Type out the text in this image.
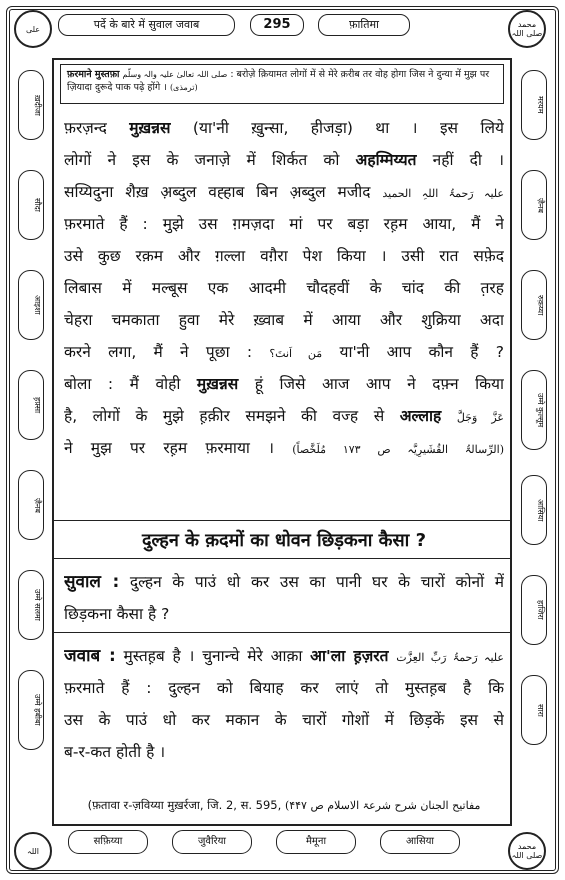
पर्दे के बारे में सुवाल जवाब	295	फ़ातिमा
علی	محمد صلی اللہ
اللہ	محمد صلی اللہ
ख़दीजा
सौदा
आइशा
ह़फ़्सा
ज़ैनब
उम्मे सलमा
उम्मे हबीबा
मरयम
ज़ैनब
रुक़य्या
उम्मे कुल्सूम
आसिया
हाजिरा
सारा
सफ़िय्या	जुवैरिया	मैमूना	आसिया
फ़रमाने मुस्तफ़ा صلی اللہ تعالیٰ علیہ والہ وسلّم : बरोज़े क़ियामत लोगों में से मेरे क़रीब तर वोह होगा जिस ने दुन्या में मुझ पर ज़ियादा दुरूदे पाक पढ़े होंगे । (ترمذی)
फ़रज़न्द मुख़न्नस (या'नी ख़ुन्सा, हीजड़ा) था । इस लिये
लोगों ने इस के जनाज़े में शिर्कत को अहम्मिय्यत नहीं दी ।
सय्यिदुना शैख़ अ़ब्दुल वह्हाब बिन अ़ब्दुल मजीद علیہ رَحمۃُ اللہِ الحمید
फ़रमाते हैं : मुझे उस ग़मज़दा मां पर बड़ा रह़म आया, मैं ने
उसे कुछ रक़म और ग़ल्ला वग़ैरा पेश किया । उसी रात सफ़ेद
लिबास में मल्बूस एक आदमी चौदहवीं के चांद की त़रह
चेहरा चमकाता हुवा मेरे ख़्वाब में आया और शुक्रिया अदा
करने लगा, मैं ने पूछा : مَن اَنتَ؟ या'नी आप कौन हैं ?
बोला : मैं वोही मुख़न्नस हूं जिसे आज आप ने दफ़्न किया
है, लोगों के मुझे ह़क़ीर समझने की वज्ह से अल्लाह عَزَّ وَجَلَّ
ने मुझ पर रह़म फ़रमाया । (الرِّسالۃُ القُشَیرِیَّہ ص ۱۷۳ مُلَخَّصاً)
दुल्हन के क़दमों का धोवन छिड़कना कैसा ?
सुवाल : दुल्हन के पाउं धो कर उस का पानी घर के चारों कोनों में
छिड़कना कैसा है ?
जवाब : मुस्तह़ब है । चुनान्चे मेरे आक़ा आ'ला ह़ज़रत علیہ رَحمۃُ رَبِّ العِزَّت
फ़रमाते हैं : दुल्हन को बियाह कर लाएं तो मुस्तह़ब है कि
उस के पाउं धो कर मकान के चारों गोशों में छिड़कें इस से
ब-र-कत होती है ।
(फ़तावा र-ज़विय्या मुख़र्रजा, जि. 2, स. 595, مفاتیح الجنان شرح شرعۃ الاسلام ص ۴۴۷)
